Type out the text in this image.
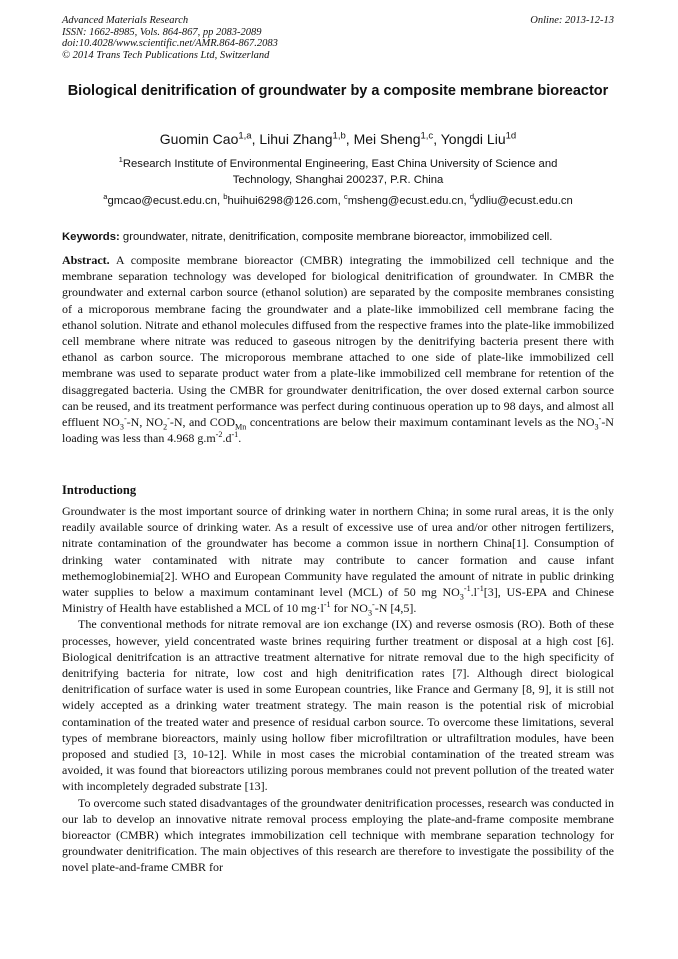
Advanced Materials Research
ISSN: 1662-8985, Vols. 864-867, pp 2083-2089
doi:10.4028/www.scientific.net/AMR.864-867.2083
© 2014 Trans Tech Publications Ltd, Switzerland
Online: 2013-12-13
Biological denitrification of groundwater by a composite membrane bioreactor
Guomin Cao$^{1,a}$, Lihui Zhang$^{1,b}$, Mei Sheng$^{1,c}$, Yongdi Liu$^{1d}$
$^1$Research Institute of Environmental Engineering, East China University of Science and
Technology, Shanghai 200237, P.R. China
$^a$gmcao@ecust.edu.cn, $^b$huihui6298@126.com, $^c$msheng@ecust.edu.cn, $^d$ydliu@ecust.edu.cn
Keywords: groundwater, nitrate, denitrification, composite membrane bioreactor, immobilized cell.
Abstract. A composite membrane bioreactor (CMBR) integrating the immobilized cell technique and the membrane separation technology was developed for biological denitrification of groundwater. In CMBR the groundwater and external carbon source (ethanol solution) are separated by the composite membranes consisting of a microporous membrane facing the groundwater and a plate-like immobilized cell membrane facing the ethanol solution. Nitrate and ethanol molecules diffused from the respective frames into the plate-like immobilized cell membrane where nitrate was reduced to gaseous nitrogen by the denitrifying bacteria present there with ethanol as carbon source. The microporous membrane attached to one side of plate-like immobilized cell membrane was used to separate product water from a plate-like immobilized cell membrane for retention of the disaggregated bacteria. Using the CMBR for groundwater denitrification, the over dosed external carbon source can be reused, and its treatment performance was perfect during continuous operation up to 98 days, and almost all effluent $NO_3^--N$, $NO_2^--N$, and $COD_{Mn}$ concentrations are below their maximum contaminant levels as the $NO_3^--N$ loading was less than 4.968 $g.m^{-2}.d^{-1}$.
Introductiong

Groundwater is the most important source of drinking water in northern China; in some rural areas, it is the only readily available source of drinking water. As a result of excessive use of urea and/or other nitrogen fertilizers, nitrate contamination of the groundwater has become a common issue in northern China[1]. Consumption of drinking water contaminated with nitrate may contribute to cancer formation and cause infant methemoglobinemia[2]. WHO and European Community have regulated the amount of nitrate in public drinking water supplies to below a maximum contaminant level (MCL) of 50 mg $NO_3^{-1}.l^{-1}[3]$, US-EPA and Chinese Ministry of Health have established a MCL of 10 $mg\cdot l^{-1}$ for $NO_3^--N$ [4,5].

The conventional methods for nitrate removal are ion exchange (IX) and reverse osmosis (RO). Both of these processes, however, yield concentrated waste brines requiring further treatment or disposal at a high cost [6]. Biological denitrifcation is an attractive treatment alternative for nitrate removal due to the high specificity of denitrifying bacteria for nitrate, low cost and high denitrification rates [7]. Although direct biological denitrification of surface water is used in some European countries, like France and Germany [8, 9], it is still not widely accepted as a drinking water treatment strategy. The main reason is the potential risk of microbial contamination of the treated water and presence of residual carbon source. To overcome these limitations, several types of membrane bioreactors, mainly using hollow fiber microfiltration or ultrafiltration modules, have been proposed and studied [3, 10-12]. While in most cases the microbial contamination of the treated stream was avoided, it was found that bioreactors utilizing porous membranes could not prevent pollution of the treated water with incompletely degraded substrate [13].

To overcome such stated disadvantages of the groundwater denitrification processes, research was conducted in our lab to develop an innovative nitrate removal process employing the plate-and-frame composite membrane bioreactor (CMBR) which integrates immobilization cell technique with membrane separation technology for groundwater denitrification. The main objectives of this research are therefore to investigate the possibility of the novel plate-and-frame CMBR for
